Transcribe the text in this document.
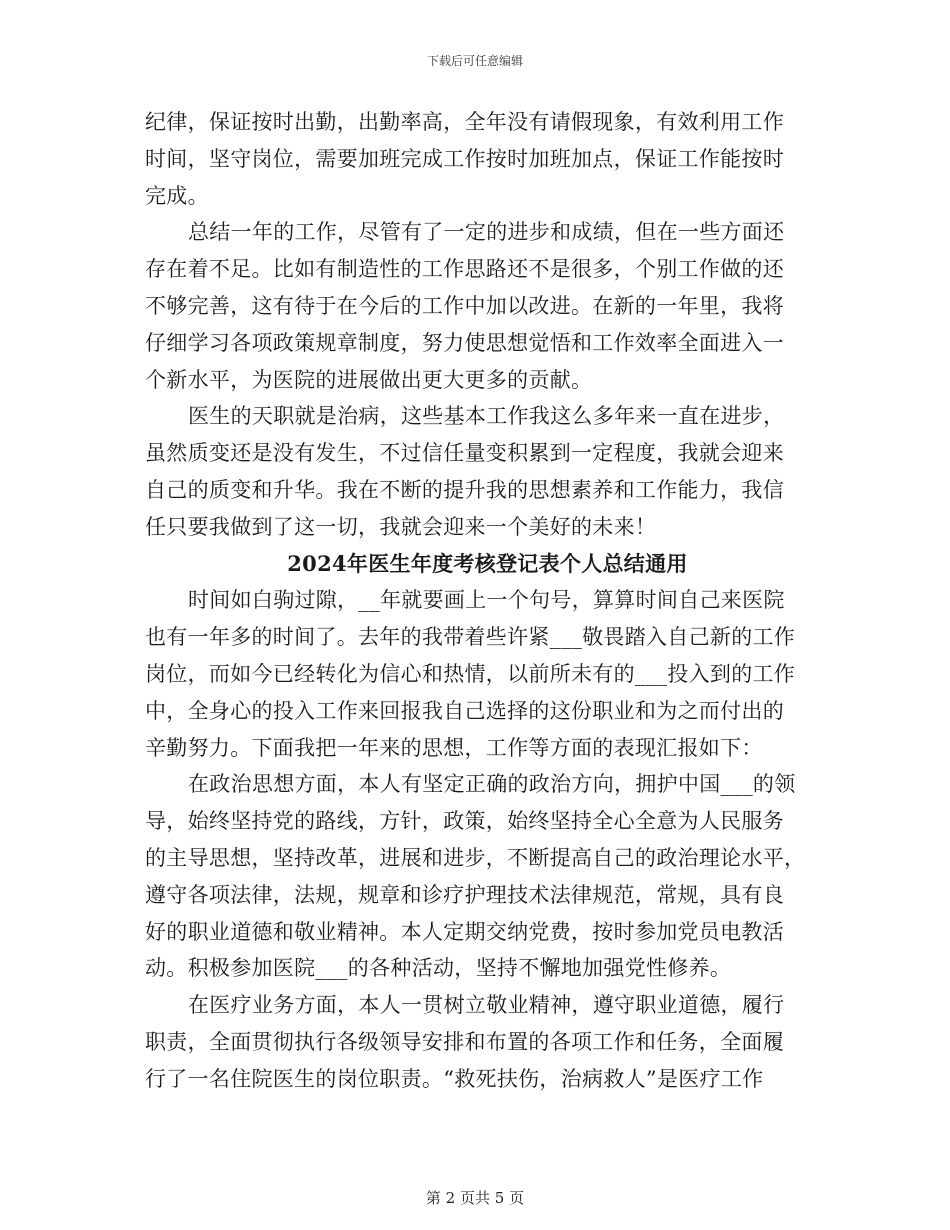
下载后可任意编辑
纪律，保证按时出勤，出勤率高，全年没有请假现象，有效利用工作
时间，坚守岗位，需要加班完成工作按时加班加点，保证工作能按时
完成。
总结一年的工作，尽管有了一定的进步和成绩，但在一些方面还
存在着不足。比如有制造性的工作思路还不是很多，个别工作做的还
不够完善，这有待于在今后的工作中加以改进。在新的一年里，我将
仔细学习各项政策规章制度，努力使思想觉悟和工作效率全面进入一
个新水平，为医院的进展做出更大更多的贡献。
医生的天职就是治病，这些基本工作我这么多年来一直在进步，
虽然质变还是没有发生，不过信任量变积累到一定程度，我就会迎来
自己的质变和升华。我在不断的提升我的思想素养和工作能力，我信
任只要我做到了这一切，我就会迎来一个美好的未来！
2024年医生年度考核登记表个人总结通用
时间如白驹过隙，__年就要画上一个句号，算算时间自己来医院
也有一年多的时间了。去年的我带着些许紧___敬畏踏入自己新的工作
岗位，而如今已经转化为信心和热情，以前所未有的___投入到的工作
中，全身心的投入工作来回报我自己选择的这份职业和为之而付出的
辛勤努力。下面我把一年来的思想，工作等方面的表现汇报如下：
在政治思想方面，本人有坚定正确的政治方向，拥护中国___的领
导，始终坚持党的路线，方针，政策，始终坚持全心全意为人民服务
的主导思想，坚持改革，进展和进步，不断提高自己的政治理论水平，
遵守各项法律，法规，规章和诊疗护理技术法律规范，常规，具有良
好的职业道德和敬业精神。本人定期交纳党费，按时参加党员电教活
动。积极参加医院___的各种活动，坚持不懈地加强党性修养。
在医疗业务方面，本人一贯树立敬业精神，遵守职业道德，履行
职责，全面贯彻执行各级领导安排和布置的各项工作和任务，全面履
行了一名住院医生的岗位职责。“救死扶伤，治病救人”是医疗工作
第 2 页共 5 页
